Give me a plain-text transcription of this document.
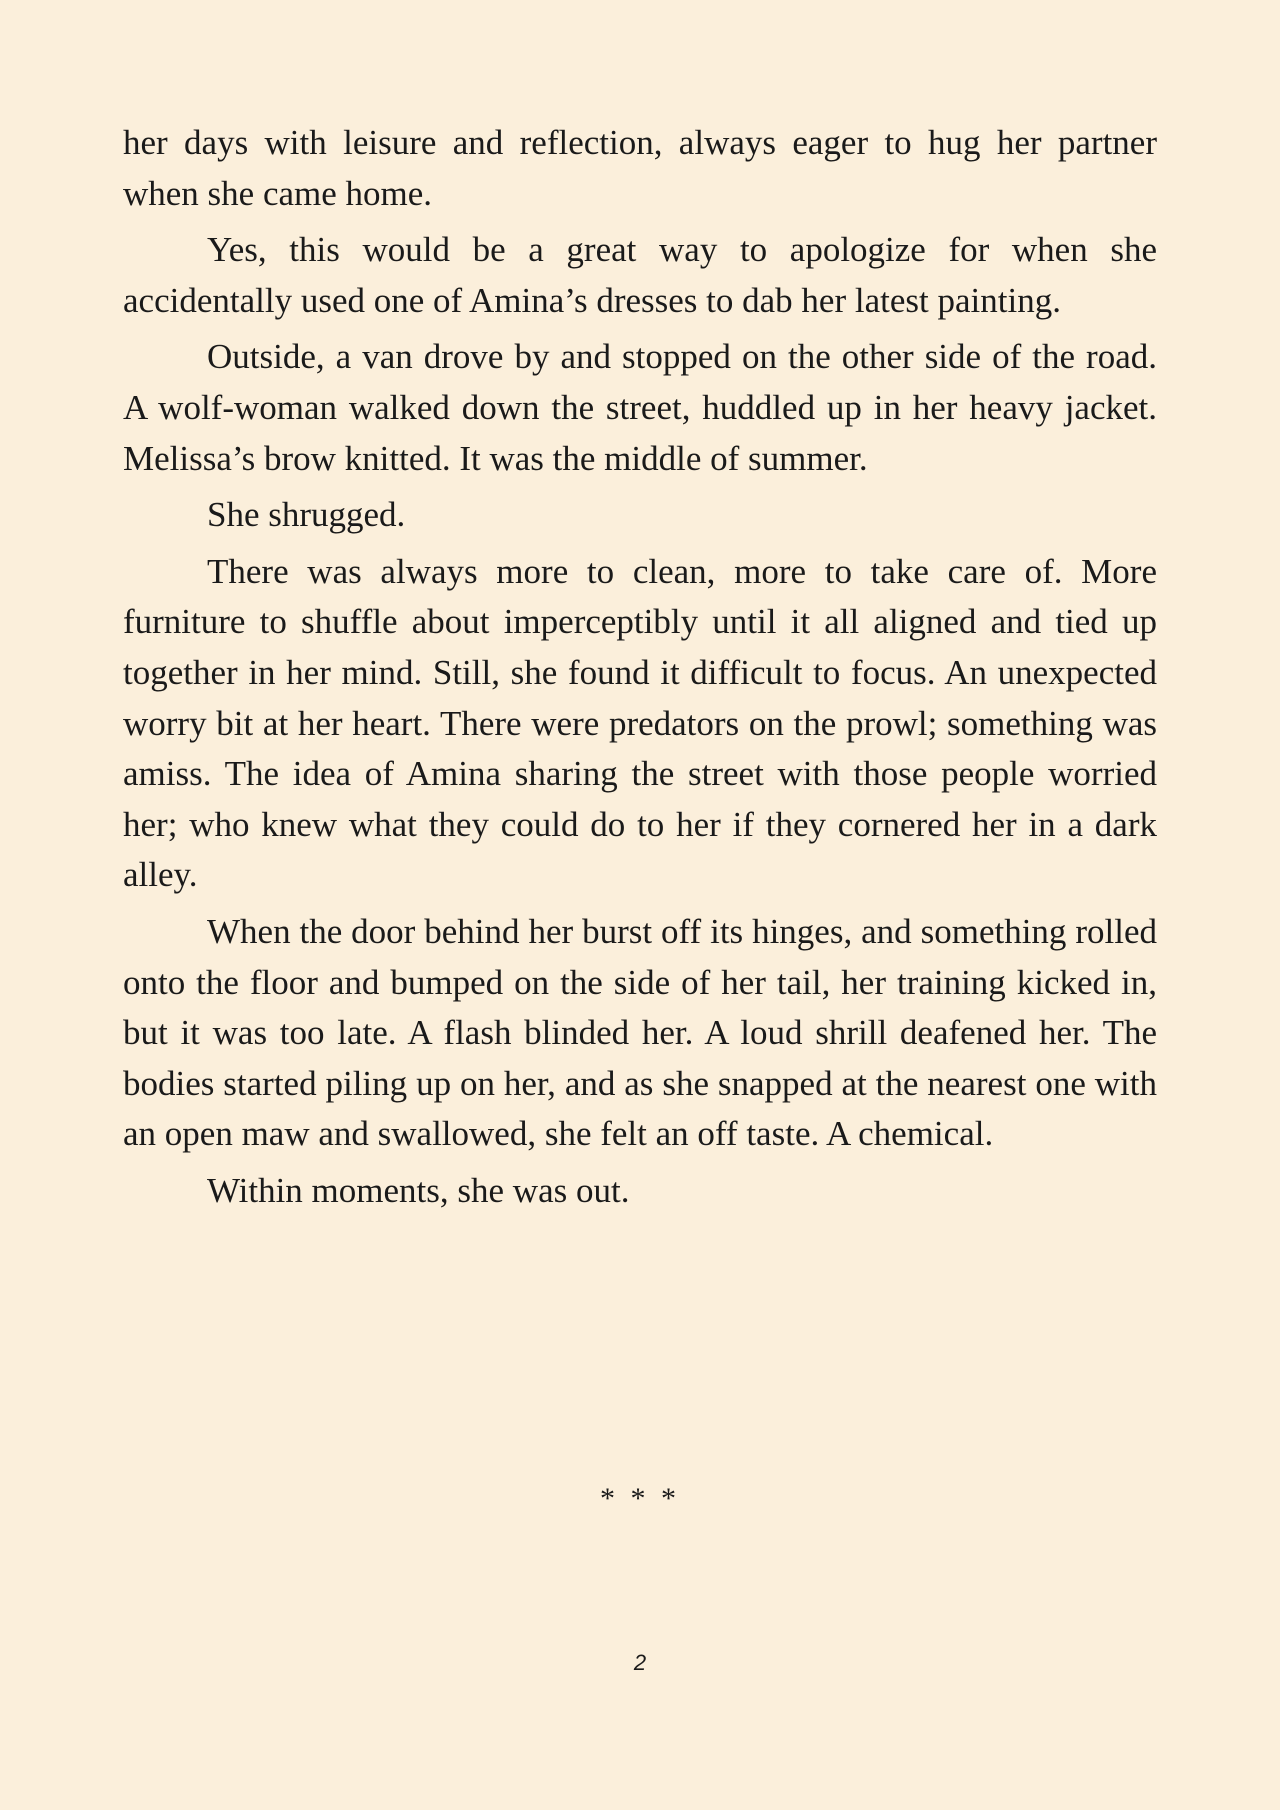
her days with leisure and reflection, always eager to hug her partner when she came home.

Yes, this would be a great way to apologize for when she accidentally used one of Amina’s dresses to dab her latest painting.

Outside, a van drove by and stopped on the other side of the road. A wolf-woman walked down the street, huddled up in her heavy jacket. Melissa’s brow knitted. It was the middle of summer.

She shrugged.

There was always more to clean, more to take care of. More furniture to shuffle about imperceptibly until it all aligned and tied up together in her mind. Still, she found it difficult to focus. An unexpected worry bit at her heart. There were predators on the prowl; something was amiss. The idea of Amina sharing the street with those people worried her; who knew what they could do to her if they cornered her in a dark alley.

When the door behind her burst off its hinges, and something rolled onto the floor and bumped on the side of her tail, her training kicked in, but it was too late. A flash blinded her. A loud shrill deafened her. The bodies started piling up on her, and as she snapped at the nearest one with an open maw and swallowed, she felt an off taste. A chemical.

Within moments, she was out.

* * *
2
